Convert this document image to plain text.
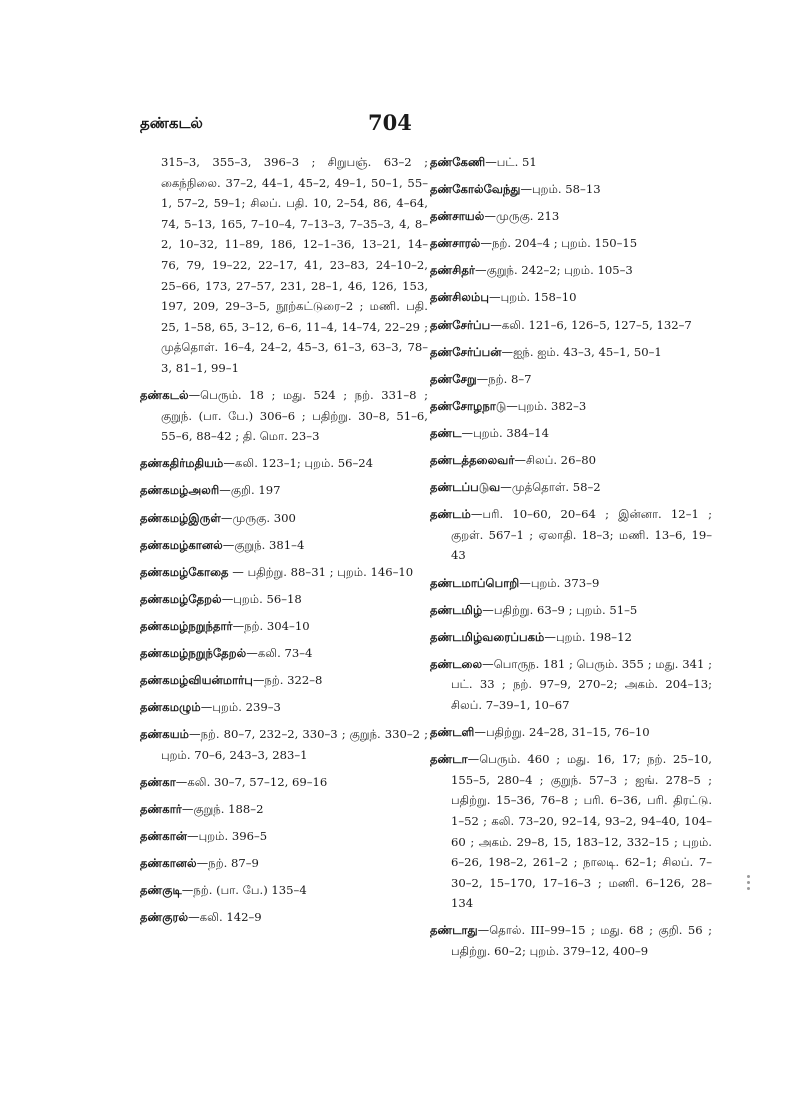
தண்கடல்	704
315–3, 355–3, 396–3 ; சிறுபஞ். 63–2 ; கைந்நிலை. 37–2, 44–1, 45–2, 49–1, 50–1, 55–1, 57–2, 59–1; சிலப். பதி. 10, 2–54, 86, 4–64, 74, 5–13, 165, 7–10–4, 7–13–3, 7–35–3, 4, 8–2, 10–32, 11–89, 186, 12–1–36, 13–21, 14–76, 79, 19–22, 22–17, 41, 23–83, 24–10–2, 25–66, 173, 27–57, 231, 28–1, 46, 126, 153, 197, 209, 29–3–5, நூற்கட்டுரை–2 ; மணி. பதி. 25, 1–58, 65, 3–12, 6–6, 11–4, 14–74, 22–29 ; முத்தொள். 16–4, 24–2, 45–3, 61–3, 63–3, 78–3, 81–1, 99–1
தண்கடல்—பெரும். 18 ; மது. 524 ; நற். 331–8 ; குறுந். (பா. பே.) 306–6 ; பதிற்று. 30–8, 51–6, 55–6, 88–42 ; தி. மொ. 23–3
தண்கதிர்மதியம்—கலி. 123–1; புறம். 56–24
தண்கமழ்அலரி—குறி. 197
தண்கமழ்இருள்—முருகு. 300
தண்கமழ்கானல்—குறுந். 381–4
தண்கமழ்கோதை — பதிற்று. 88–31 ; புறம். 146–10
தண்கமழ்தேறல்—புறம். 56–18
தண்கமழ்நறுந்தார்—நற். 304–10
தண்கமழ்நறுந்தேறல்—கலி. 73–4
தண்கமழ்வியன்மார்பு—நற். 322–8
தண்கமழும்—புறம். 239–3
தண்கயம்—நற். 80–7, 232–2, 330–3 ; குறுந். 330–2 ; புறம். 70–6, 243–3, 283–1
தண்கா—கலி. 30–7, 57–12, 69–16
தண்கார்—குறுந். 188–2
தண்கான்—புறம். 396–5
தண்கானல்—நற். 87–9
தண்குடி—நற். (பா. பே.) 135–4
தண்குரல்—கலி. 142–9
தண்கேணி—பட். 51
தண்கோல்வேந்து—புறம். 58–13
தண்சாயல்—முருகு. 213
தண்சாரல்—நற். 204–4 ; புறம். 150–15
தண்சிதர்—குறுந். 242–2; புறம். 105–3
தண்சிலம்பு—புறம். 158–10
தண்சேர்ப்ப—கலி. 121–6, 126–5, 127–5, 132–7
தண்சேர்ப்பன்—ஐந். ஐம். 43–3, 45–1, 50–1
தண்சேறு—நற். 8–7
தண்சோழநாடு—புறம். 382–3
தண்ட—புறம். 384–14
தண்டத்தலைவர்—சிலப். 26–80
தண்டப்படுவ—முத்தொள். 58–2
தண்டம்—பரி. 10–60, 20–64 ; இன்னா. 12–1 ; குறள். 567–1 ; ஏலாதி. 18–3; மணி. 13–6, 19–43
தண்டமாப்பொறி—புறம். 373–9
தண்டமிழ்—பதிற்று. 63–9 ; புறம். 51–5
தண்டமிழ்வரைப்பகம்—புறம். 198–12
தண்டலை—பொருந. 181 ; பெரும். 355 ; மது. 341 ; பட். 33 ; நற். 97–9, 270–2; அகம். 204–13; சிலப். 7–39–1, 10–67
தண்டளி—பதிற்று. 24–28, 31–15, 76–10
தண்டா—பெரும். 460 ; மது. 16, 17; நற். 25–10, 155–5, 280–4 ; குறுந். 57–3 ; ஐங். 278–5 ; பதிற்று. 15–36, 76–8 ; பரி. 6–36, பரி. திரட்டு. 1–52 ; கலி. 73–20, 92–14, 93–2, 94–40, 104–60 ; அகம். 29–8, 15, 183–12, 332–15 ; புறம். 6–26, 198–2, 261–2 ; நாலடி. 62–1; சிலப். 7–30–2, 15–170, 17–16–3 ; மணி. 6–126, 28–134
தண்டாது—தொல். III–99–15 ; மது. 68 ; குறி. 56 ; பதிற்று. 60–2; புறம். 379–12, 400–9
